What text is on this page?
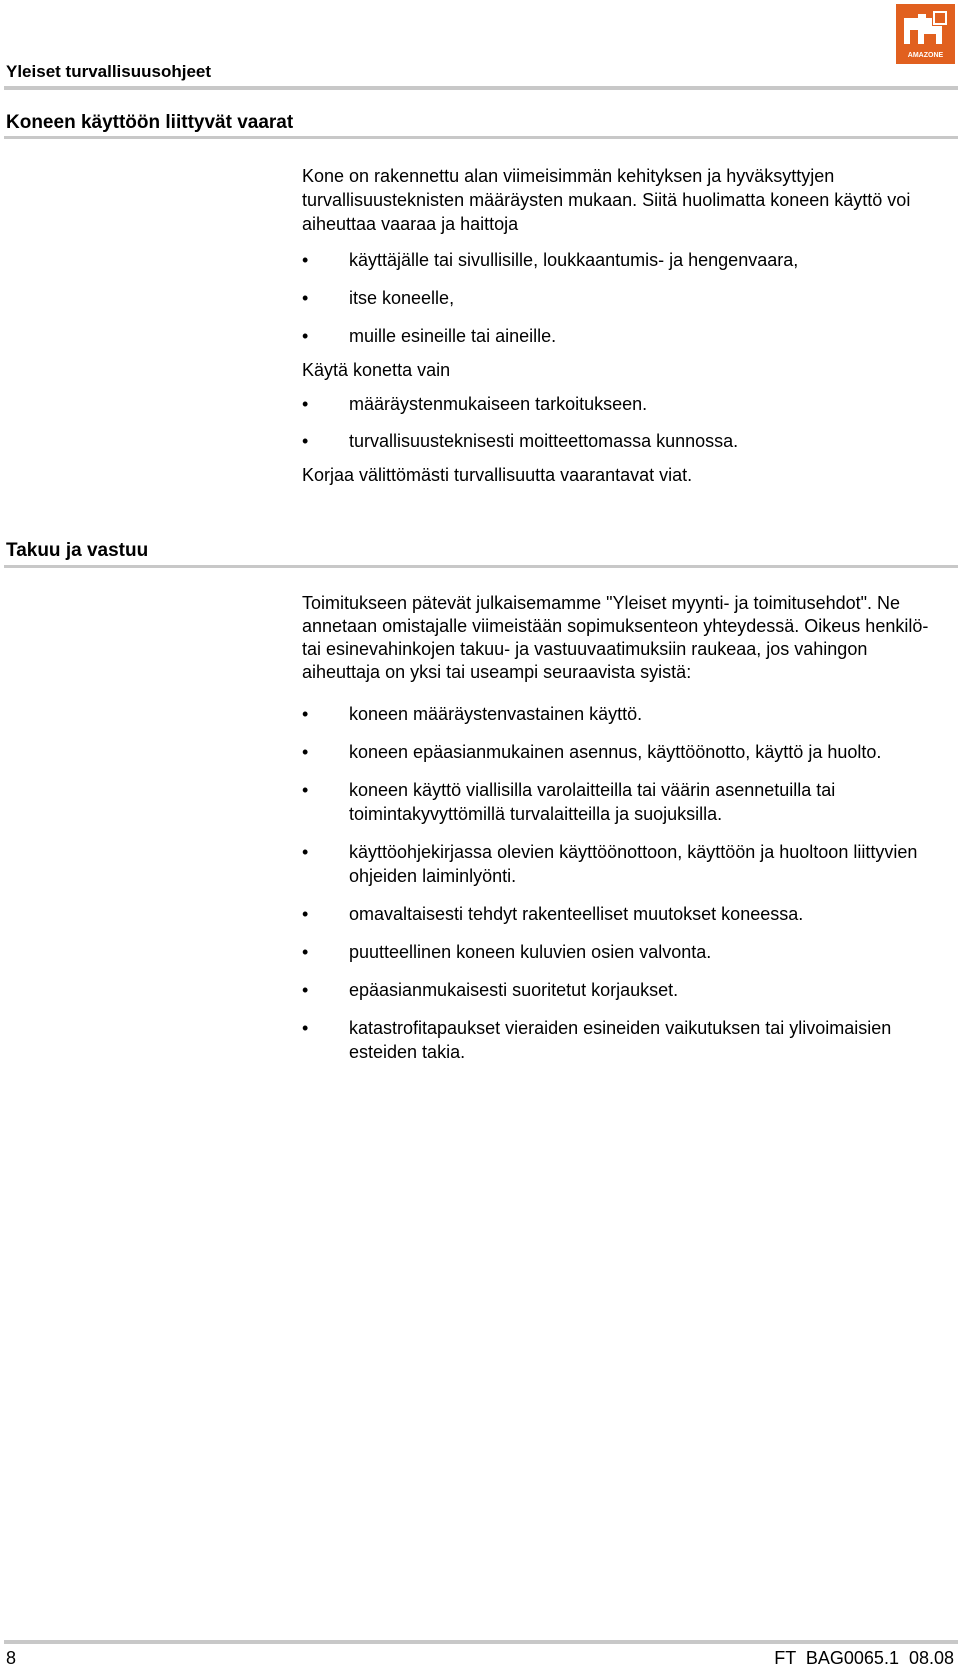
Yleiset turvallisuusohjeet
AMAZONE
Koneen käyttöön liittyvät vaarat

Kone on rakennettu alan viimeisimmän kehityksen ja hyväksyttyjen turvallisuusteknisten määräysten mukaan. Siitä huolimatta koneen käyttö voi aiheuttaa vaaraa ja haittoja

• käyttäjälle tai sivullisille, loukkaantumis- ja hengenvaara,
• itse koneelle,
• muille esineille tai aineille.

Käytä konetta vain

• määräystenmukaiseen tarkoitukseen.
• turvallisuusteknisesti moitteettomassa kunnossa.

Korjaa välittömästi turvallisuutta vaarantavat viat.

Takuu ja vastuu

Toimitukseen pätevät julkaisemamme "Yleiset myynti- ja toimitusehdot". Ne annetaan omistajalle viimeistään sopimuksenteon yhteydessä. Oikeus henkilö- tai esinevahinkojen takuu- ja vastuuvaatimuksiin raukeaa, jos vahingon aiheuttaja on yksi tai useampi seuraavista syistä:

• koneen määräystenvastainen käyttö.
• koneen epäasianmukainen asennus, käyttöönotto, käyttö ja huolto.
• koneen käyttö viallisilla varolaitteilla tai väärin asennetuilla tai toimintakyvyttömillä turvalaitteilla ja suojuksilla.
• käyttöohjekirjassa olevien käyttöönottoon, käyttöön ja huoltoon liittyvien ohjeiden laiminlyönti.
• omavaltaisesti tehdyt rakenteelliset muutokset koneessa.
• puutteellinen koneen kuluvien osien valvonta.
• epäasianmukaisesti suoritetut korjaukset.
• katastrofitapaukset vieraiden esineiden vaikutuksen tai ylivoimaisien esteiden takia.
8	FT  BAG0065.1  08.08
